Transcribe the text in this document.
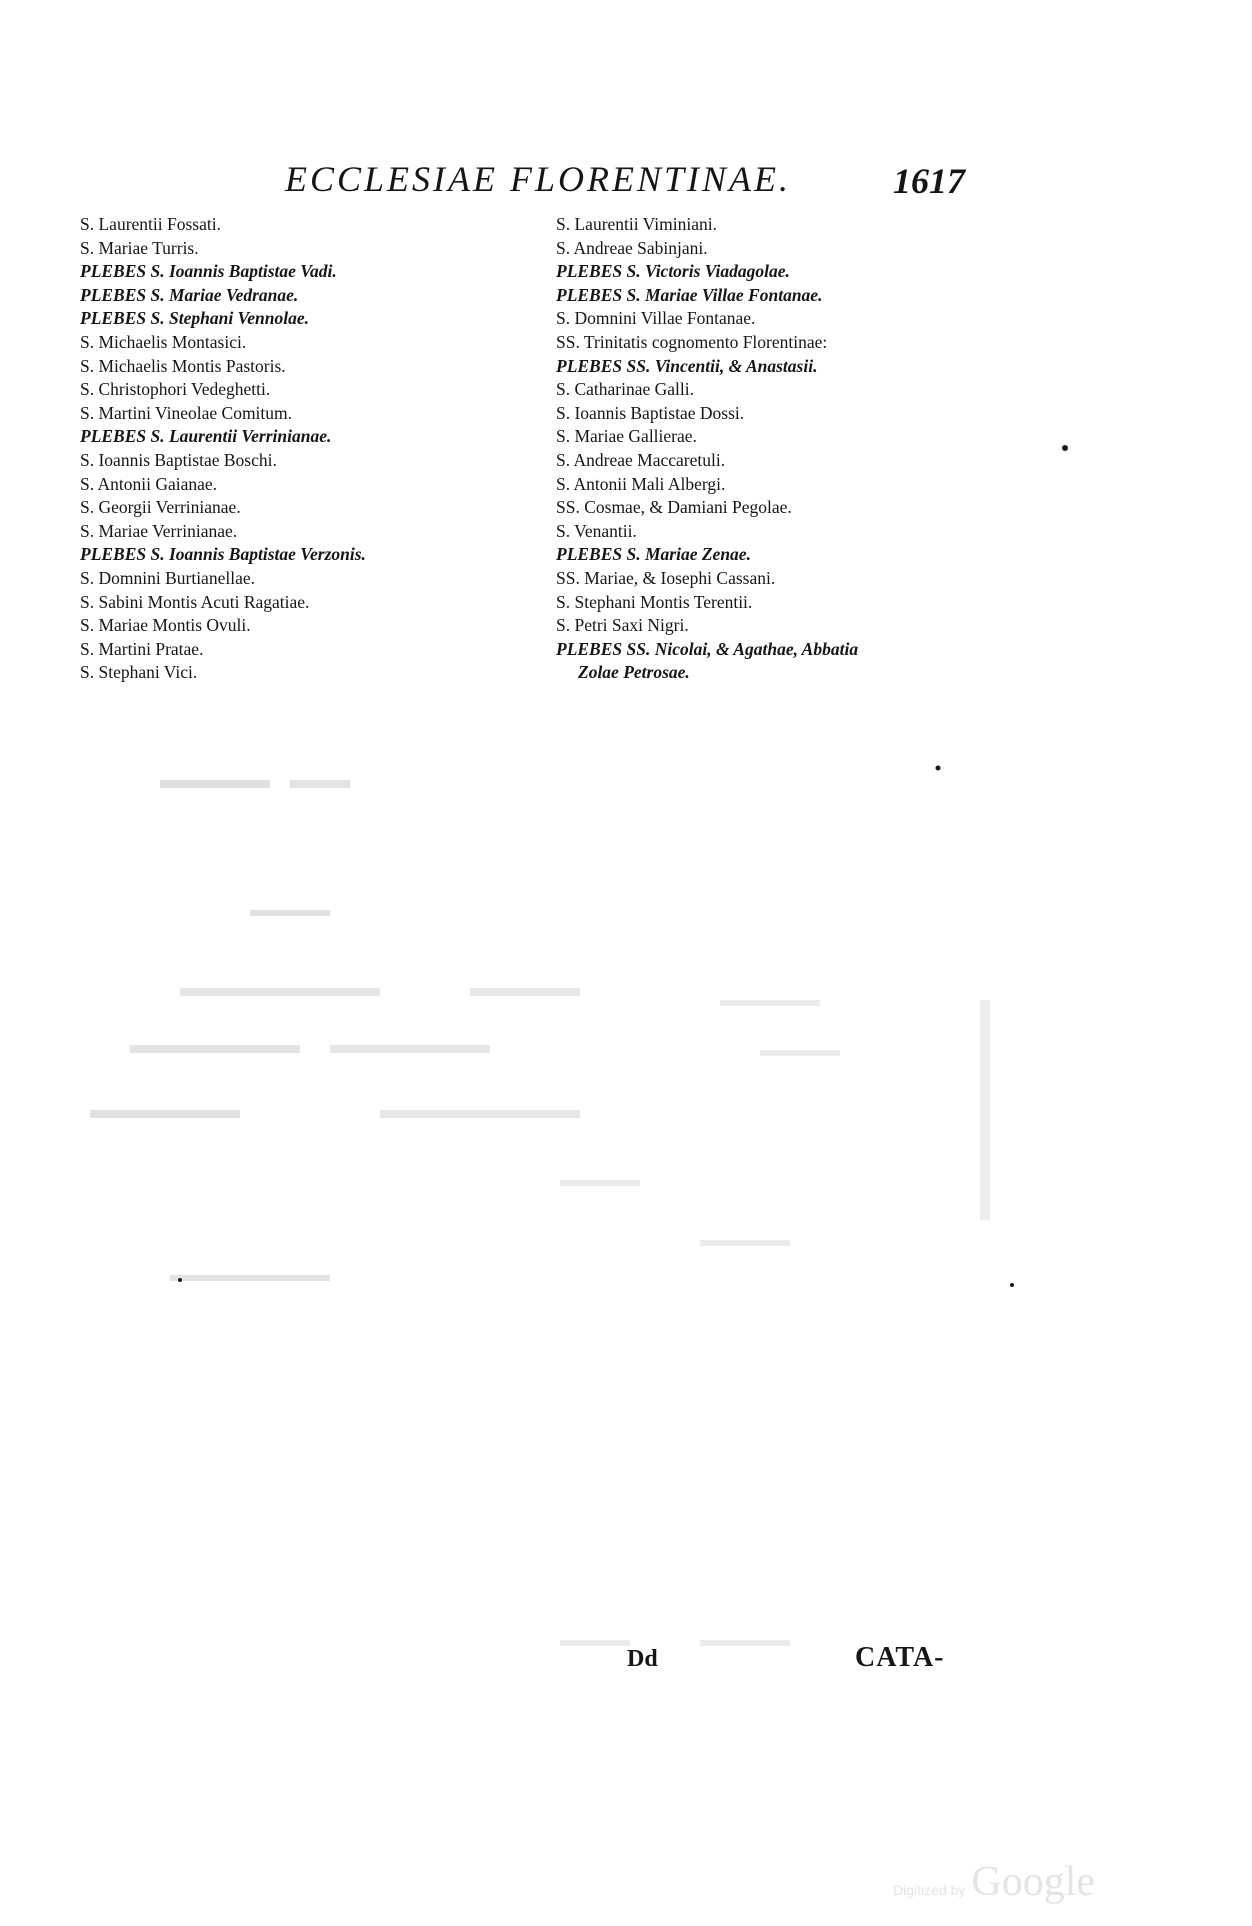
ECCLESIAE FLORENTINAE.	1617
S. Laurentii Fossati.
S. Mariae Turris.
PLEBES S. Ioannis Baptistae Vadi.
PLEBES S. Mariae Vedranae.
PLEBES S. Stephani Vennolae.
S. Michaelis Montasici.
S. Michaelis Montis Pastoris.
S. Christophori Vedeghetti.
S. Martini Vineolae Comitum.
PLEBES S. Laurentii Verrinianae.
S. Ioannis Baptistae Boschi.
S. Antonii Gaianae.
S. Georgii Verrinianae.
S. Mariae Verrinianae.
PLEBES S. Ioannis Baptistae Verzonis.
S. Domnini Burtianellae.
S. Sabini Montis Acuti Ragatiae.
S. Mariae Montis Ovuli.
S. Martini Pratae.
S. Stephani Vici.
S. Laurentii Viminiani.
S. Andreae Sabinjani.
PLEBES S. Victoris Viadagolae.
PLEBES S. Mariae Villae Fontanae.
S. Domnini Villae Fontanae.
SS. Trinitatis cognomento Florentinae:
PLEBES SS. Vincentii, & Anastasii.
S. Catharinae Galli.
S. Ioannis Baptistae Dossi.
S. Mariae Gallierae.
S. Andreae Maccaretuli.
S. Antonii Mali Albergi.
SS. Cosmae, & Damiani Pegolae.
S. Venantii.
PLEBES S. Mariae Zenae.
SS. Mariae, & Iosephi Cassani.
S. Stephani Montis Terentii.
S. Petri Saxi Nigri.
PLEBES SS. Nicolai, & Agathae, Abbatia
Zolae Petrosae.
Dd	CATA-
Digitized by Google
